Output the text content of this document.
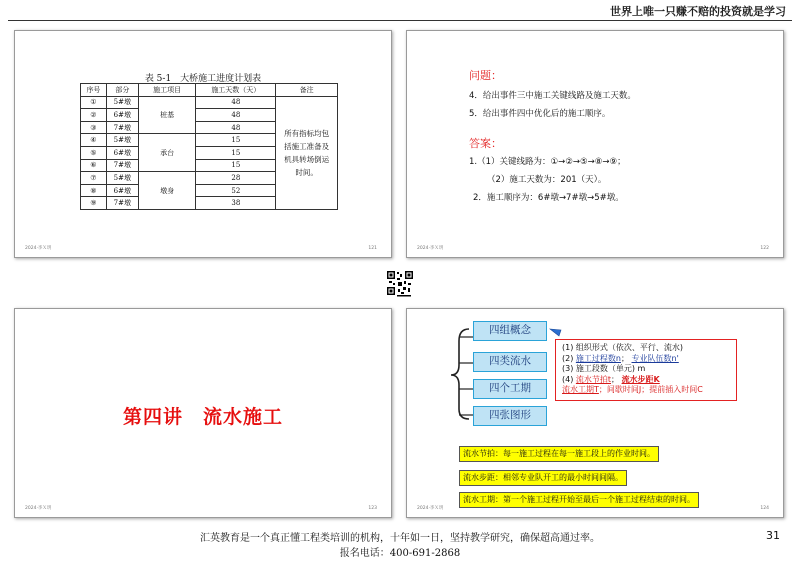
世界上唯一只赚不赔的投资就是学习
表 5-1　大桥施工进度计划表
序号	部分	施工项目	施工天数（天）	备注
①	5#墩	桩基	48	所有指标均包括施工准备及机具转场倒运时间。
②	6#墩		48	
③	7#墩		48	
④	5#墩	承台	15	
⑤	6#墩		15	
⑥	7#墩		15	
⑦	5#墩	墩身	28	
⑧	6#墩		52	
⑨	7#墩		38	
2024·李Ｘ玥	121
问题：
4．给出事件三中施工关键线路及施工天数。
5．给出事件四中优化后的施工顺序。
答案：
1.（1）关键线路为：①→②→⑤→⑧→⑨；
（2）施工天数为：201（天）。
2．施工顺序为：6#墩→7#墩→5#墩。
2024·李Ｘ玥	122
第四讲　流水施工
2024·李Ｘ玥	123
四组概念
四类流水
四个工期
四张图形
(1) 组织形式（依次、平行、流水)
(2) 施工过程数n； 专业队伍数n'
(3) 施工段数（单元) m
(4) 流水节拍t； 流水步距K
流水工期T；间歇时间J；提前插入时间C
流水节拍：每一施工过程在每一施工段上的作业时间。
流水步距：相邻专业队开工的最小时间间隔。
流水工期：第一个施工过程开始至最后一个施工过程结束的时间。
2024·李Ｘ玥	124
汇英教育是一个真正懂工程类培训的机构，十年如一日，坚持教学研究，确保超高通过率。
报名电话：400-691-2868
31
